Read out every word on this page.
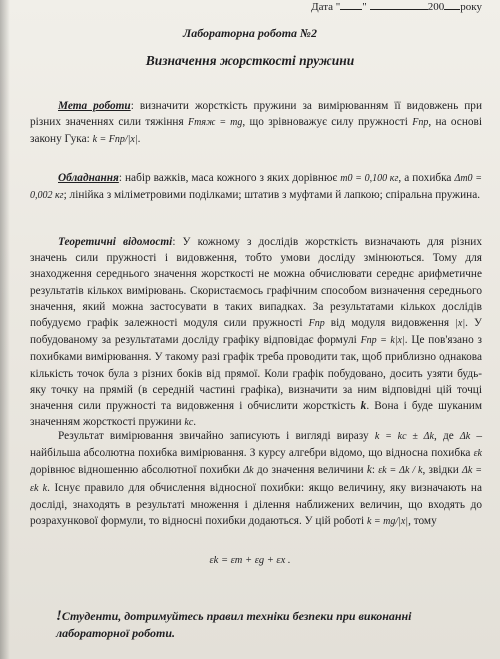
Дата " "	200 року
Лабораторна робота №2
Визначення жорсткості пружини
Мета роботи: визначити жорсткість пружини за вимірюванням її видовжень при різних значеннях сили тяжіння Fтяж = mg, що зрівноважує силу пружності Fпр, на основі закону Гука: k = Fпр/|x|.
Обладнання: набір важків, маса кожного з яких дорівнює m0 = 0,100 кг, а похибка Δm0 = 0,002 кг; лінійка з міліметровими поділками; штатив з муфтами й лапкою; спіральна пружина.
Теоретичні відомості: У кожному з дослідів жорсткість визначають для різних значень сили пружності і видовження, тобто умови досліду змінюються. Тому для знаходження середнього значення жорсткості не можна обчислювати середнє арифметичне результатів кількох вимірювань. Скористаємось графічним способом визначення середнього значення, який можна застосувати в таких випадках. За результатами кількох дослідів побудуємо графік залежності модуля сили пружності Fпр від модуля видовження |x|. У побудованому за результатами досліду графіку відповідає формулі Fпр = k|x|. Це пов'язано з похибками вимірювання. У такому разі графік треба проводити так, щоб приблизно однакова кількість точок була з різних боків від прямої. Коли графік побудовано, досить узяти будь-яку точку на прямій (в середній частині графіка), визначити за ним відповідні цій точці значення сили пружності та видовження і обчислити жорсткість k. Вона і буде шуканим значенням жорсткості пружини kс.
Результат вимірювання звичайно записують і вигляді виразу k = kс ± Δk, де Δk – найбільша абсолютна похибка вимірювання. З курсу алгебри відомо, що відносна похибка εk дорівнює відношенню абсолютної похибки Δk до значення величини k: εk = Δk / k, звідки Δk = εk k. Існує правило для обчислення відносної похибки: якщо величину, яку визначають на досліді, знаходять в результаті множення і ділення наближених величин, що входять до розрахункової формули, то відносні похибки додаються. У цій роботі k = mg/|x|, тому
εk = εm + εg + εx .
!Студенти, дотримуйтесь правил техніки безпеки при виконанні лабораторної роботи.
